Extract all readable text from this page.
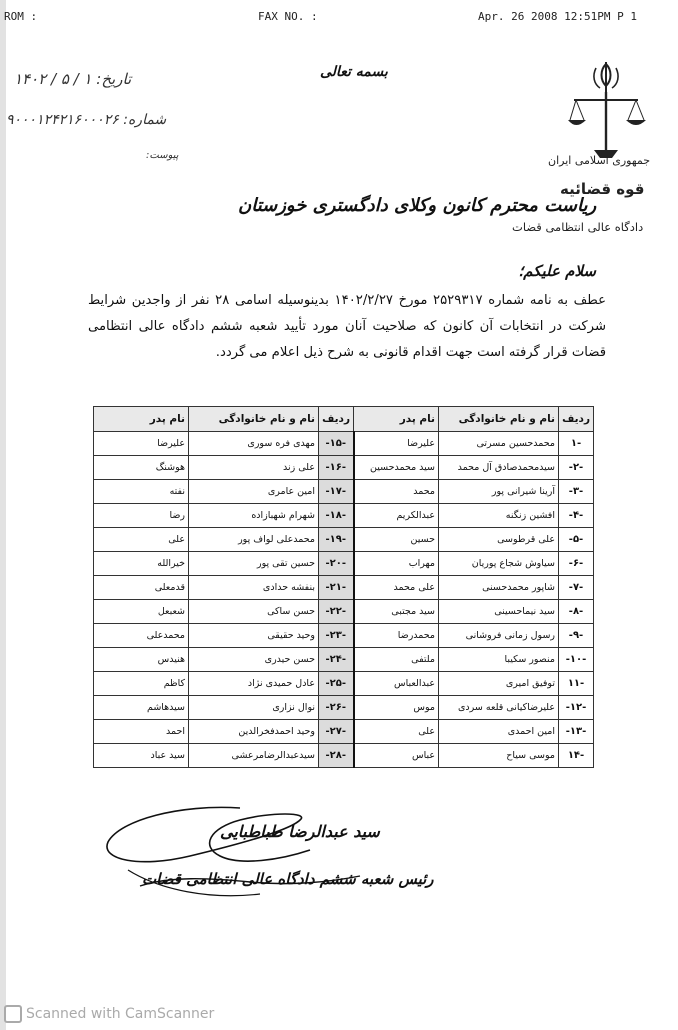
ROM :	FAX NO. :	Apr. 26 2008 12:51PM P 1
بسمه تعالی
۱۴۰۲ / ۵ / ۱ :تاریخ
۹۰۰۰۱۲۴۲۱۶۰۰۰۲۶ :شماره
:پیوست	جمهوری اسلامی ایران
قوه قضائیه
دادگاه عالی انتظامی قضات
ریاست محترم کانون وکلای دادگستری خوزستان
سلام علیکم؛
عطف به نامه شماره ۲۵۲۹۳۱۷ مورخ ۱۴۰۲/۲/۲۷ بدینوسیله اسامی ۲۸ نفر از واجدین شرایط شرکت در انتخابات آن کانون که صلاحیت آنان مورد تأیید شعبه ششم دادگاه عالی انتظامی قضات قرار گرفته است جهت اقدام قانونی به شرح ذیل اعلام می گردد.
ردیف	نام و نام خانوادگی	نام پدر	ردیف	نام و نام خانوادگی	نام پدر
-۱	محمدحسین مسرتی	علیرضا	-۱۵-	مهدی فره سوری	علیرضا
-۲-	سیدمحمدصادق آل محمد	سید محمدحسین	-۱۶-	علی زند	هوشنگ
-۳-	آرینا شیرانی پور	محمد	-۱۷-	امین عامری	نفته
-۴-	افشین زنگنه	عبدالکریم	-۱۸-	شهرام شهبازاده	رضا
-۵-	علی قرطوسی	حسین	-۱۹-	محمدعلی لواف پور	علی
-۶-	سیاوش شجاع پوریان	مهراب	-۲۰-	حسین تقی پور	خیرالله
-۷-	شاپور محمدحسنی	علی محمد	-۲۱-	بنفشه حدادی	قدمعلی
-۸-	سید نیماحسینی	سید مجتبی	-۲۲-	حسن ساکی	شعبعل
-۹-	رسول زمانی فروشانی	محمدرضا	-۲۳-	وحید حقیقی	محمدعلی
-۱۰-	منصور سکیبا	ملتفی	-۲۴-	حسن حیدری	هنیدس
-۱۱	توفیق امیری	عبدالعباس	-۲۵-	عادل حمیدی نژاد	کاظم
-۱۲-	علیرضاکیانی قلعه سردی	موس	-۲۶-	نوال نزاری	سیدهاشم
-۱۳-	امین احمدی	علی	-۲۷-	وحید احمدفخرالدین	احمد
-۱۴	موسی سیاح	عباس	-۲۸-	سیدعبدالرضامرعشی	سید عباد
سید عبدالرضا طباطبایی
رئیس شعبه ششم دادگاه عالی انتظامی قضات
Scanned with CamScanner
